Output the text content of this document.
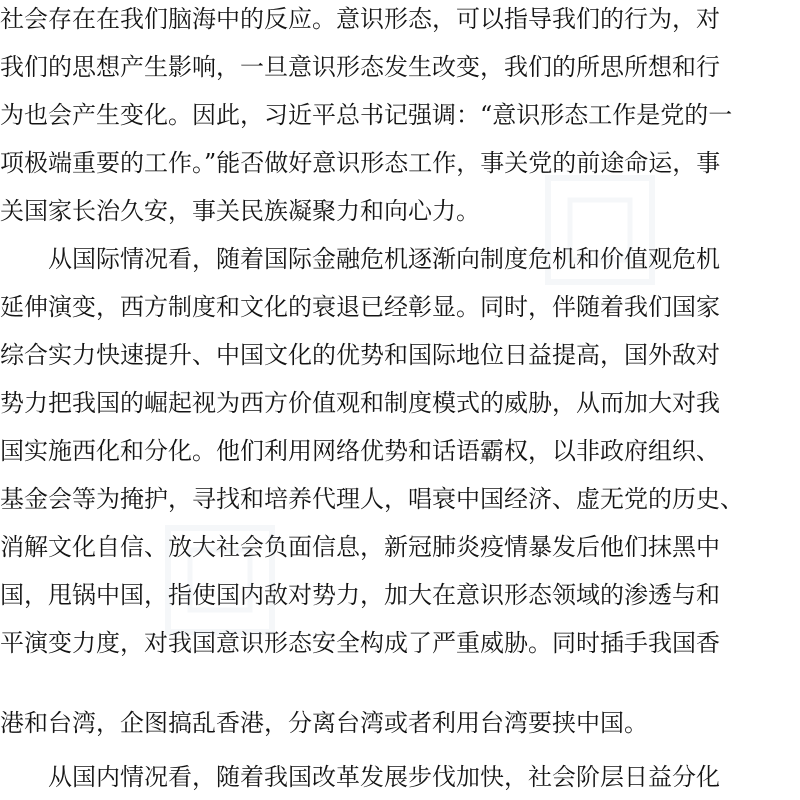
社会存在在我们脑海中的反应。意识形态，可以指导我们的行为，对
我们的思想产生影响，一旦意识形态发生改变，我们的所思所想和行
为也会产生变化。因此，习近平总书记强调：“意识形态工作是党的一
项极端重要的工作。”能否做好意识形态工作，事关党的前途命运，事
关国家长治久安，事关民族凝聚力和向心力。
从国际情况看，随着国际金融危机逐渐向制度危机和价值观危机
延伸演变，西方制度和文化的衰退已经彰显。同时，伴随着我们国家
综合实力快速提升、中国文化的优势和国际地位日益提高，国外敌对
势力把我国的崛起视为西方价值观和制度模式的威胁，从而加大对我
国实施西化和分化。他们利用网络优势和话语霸权，以非政府组织、
基金会等为掩护，寻找和培养代理人，唱衰中国经济、虚无党的历史、
消解文化自信、放大社会负面信息，新冠肺炎疫情暴发后他们抹黑中
国，甩锅中国，指使国内敌对势力，加大在意识形态领域的渗透与和
平演变力度，对我国意识形态安全构成了严重威胁。同时插手我国香
港和台湾，企图搞乱香港，分离台湾或者利用台湾要挟中国。
从国内情况看，随着我国改革发展步伐加快，社会阶层日益分化
